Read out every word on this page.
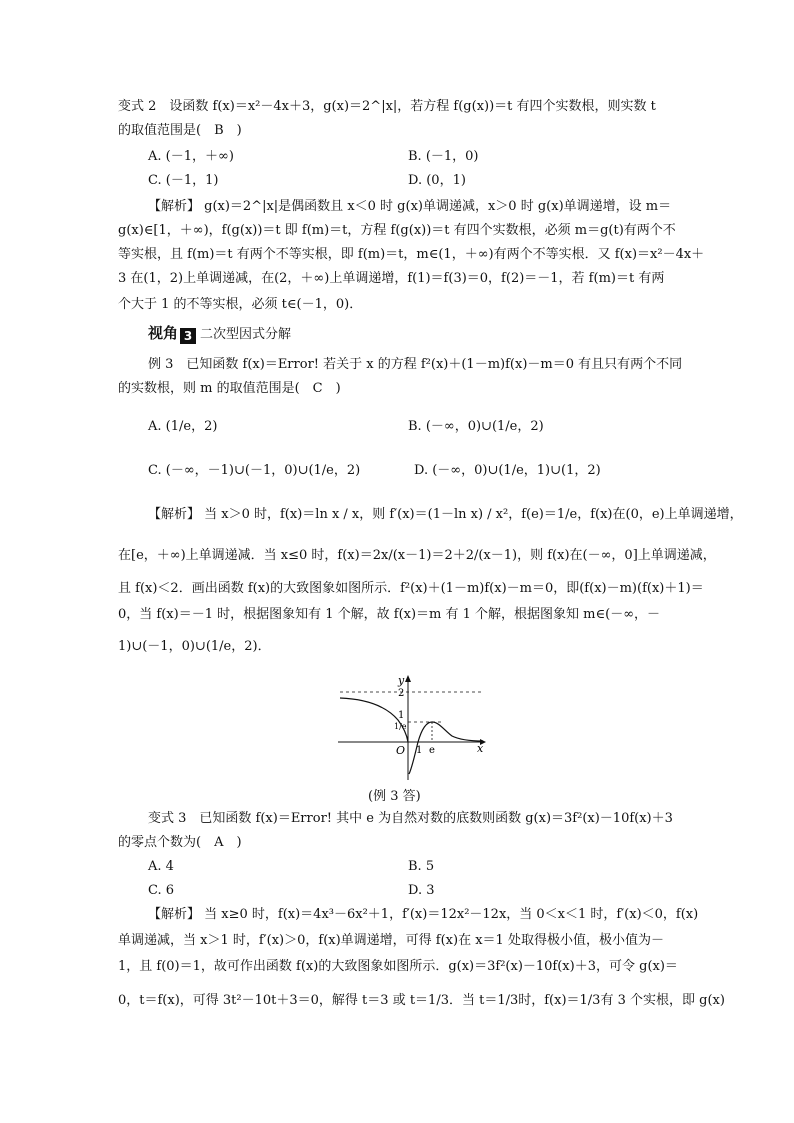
变式 2　设函数 f(x)＝x²－4x＋3，g(x)＝2^|x|，若方程 f(g(x))＝t 有四个实数根，则实数 t
的取值范围是(　B　)
A. (－1，＋∞)	B. (－1，0)
C. (－1，1)	D. (0，1)
【解析】 g(x)＝2^|x|是偶函数且 x＜0 时 g(x)单调递减，x＞0 时 g(x)单调递增，设 m＝
g(x)∈[1，＋∞)，f(g(x))＝t 即 f(m)＝t，方程 f(g(x))＝t 有四个实数根，必须 m＝g(t)有两个不
等实根，且 f(m)＝t 有两个不等实根，即 f(m)＝t，m∈(1，＋∞)有两个不等实根．又 f(x)＝x²－4x＋
3 在(1，2)上单调递减，在(2，＋∞)上单调递增，f(1)＝f(3)＝0，f(2)＝－1，若 f(m)＝t 有两
个大于 1 的不等实根，必须 t∈(－1，0)．
视角 3 二次型因式分解
例 3　已知函数 f(x)＝Error! 若关于 x 的方程 f²(x)＋(1－m)f(x)－m＝0 有且只有两个不同
的实数根，则 m 的取值范围是(　C　)
A. (1/e，2)	B. (－∞，0)∪(1/e，2)
C. (－∞，－1)∪(－1，0)∪(1/e，2)	D. (－∞，0)∪(1/e，1)∪(1，2)
【解析】 当 x＞0 时，f(x)＝ln x / x，则 f′(x)＝(1－ln x) / x²，f(e)＝1/e，f(x)在(0，e)上单调递增，
在[e，＋∞)上单调递减．当 x≤0 时，f(x)＝2x/(x－1)＝2＋2/(x－1)，则 f(x)在(－∞，0]上单调递减，
且 f(x)＜2．画出函数 f(x)的大致图象如图所示．f²(x)＋(1－m)f(x)－m＝0，即(f(x)－m)(f(x)＋1)＝
0，当 f(x)＝－1 时，根据图象知有 1 个解，故 f(x)＝m 有 1 个解，根据图象知 m∈(－∞，－
1)∪(－1，0)∪(1/e，2)．
y
x
O
2
1
1/e
1 e
(例 3 答)
变式 3　已知函数 f(x)＝Error! 其中 e 为自然对数的底数则函数 g(x)＝3f²(x)－10f(x)＋3
的零点个数为(　A　)
A. 4	B. 5
C. 6	D. 3
【解析】 当 x≥0 时，f(x)＝4x³－6x²＋1，f′(x)＝12x²－12x，当 0＜x＜1 时，f′(x)＜0，f(x)
单调递减，当 x＞1 时，f′(x)＞0，f(x)单调递增，可得 f(x)在 x＝1 处取得极小值，极小值为－
1，且 f(0)＝1，故可作出函数 f(x)的大致图象如图所示．g(x)＝3f²(x)－10f(x)＋3，可令 g(x)＝
0，t＝f(x)，可得 3t²－10t＋3＝0，解得 t＝3 或 t＝1/3．当 t＝1/3时，f(x)＝1/3有 3 个实根，即 g(x)
